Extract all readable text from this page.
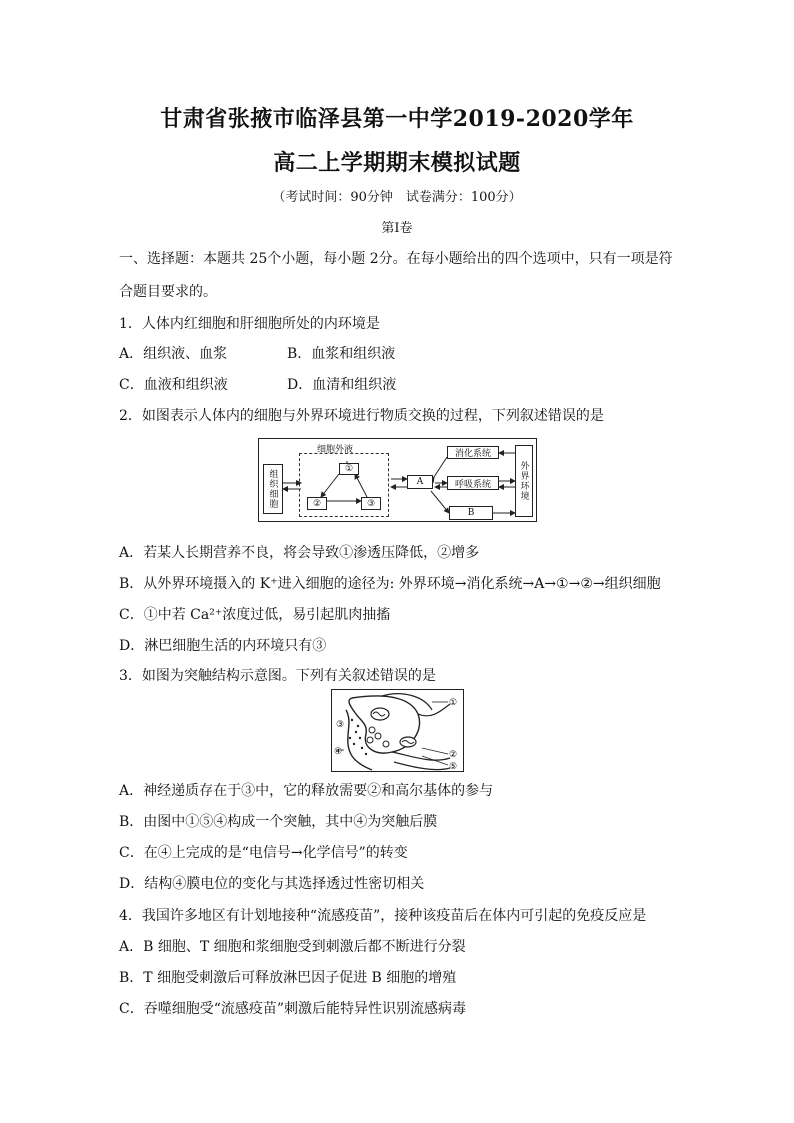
甘肃省张掖市临泽县第一中学2019-2020学年
高二上学期期末模拟试题
（考试时间：90分钟　试卷满分：100分）
第Ⅰ卷
一、选择题：本题共 25个小题，每小题 2分。在每小题给出的四个选项中，只有一项是符
合题目要求的。
1．人体内红细胞和肝细胞所处的内环境是
A．组织液、血浆	B．血浆和组织液
C．血液和组织液	D．血清和组织液
2．如图表示人体内的细胞与外界环境进行物质交换的过程，下列叙述错误的是
组织细胞
细胞外液
①
②	③
A
消化系统
呼吸系统
B
外界环境
A．若某人长期营养不良，将会导致①渗透压降低，②增多
B．从外界环境摄入的 K⁺进入细胞的途径为: 外界环境→消化系统→A→①→②→组织细胞
C．①中若 Ca²⁺浓度过低，易引起肌肉抽搐
D．淋巴细胞生活的内环境只有③
3．如图为突触结构示意图。下列有关叙述错误的是
①
②
③
④
⑤
A．神经递质存在于③中，它的释放需要②和高尔基体的参与
B．由图中①⑤④构成一个突触，其中④为突触后膜
C．在④上完成的是“电信号→化学信号”的转变
D．结构④膜电位的变化与其选择透过性密切相关
4．我国许多地区有计划地接种“流感疫苗”，接种该疫苗后在体内可引起的免疫反应是
A．B 细胞、T 细胞和浆细胞受到刺激后都不断进行分裂
B．T 细胞受刺激后可释放淋巴因子促进 B 细胞的增殖
C．吞噬细胞受“流感疫苗”刺激后能特异性识别流感病毒
